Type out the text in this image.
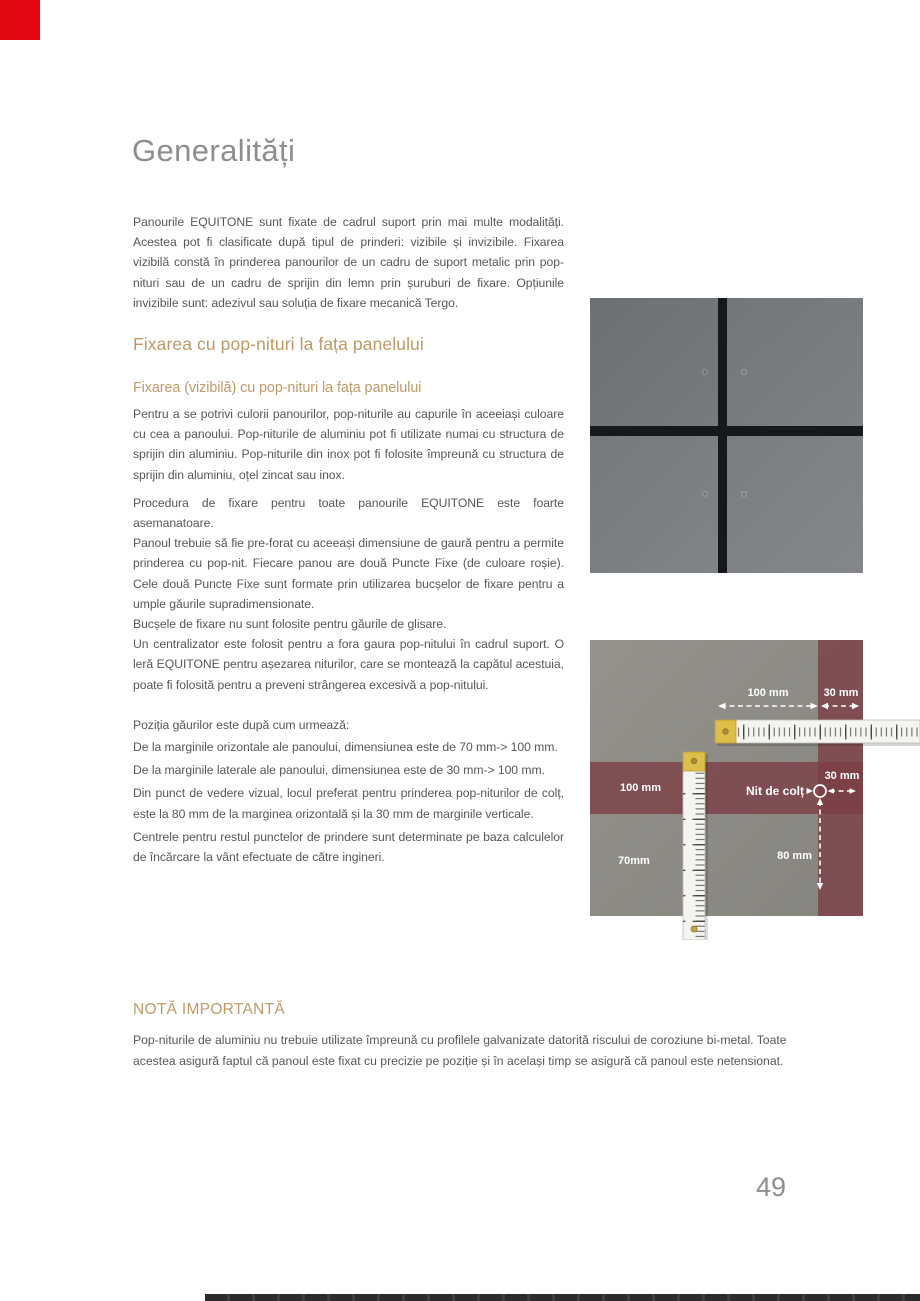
Generalități

Panourile EQUITONE sunt fixate de cadrul suport prin mai multe modalități. Acestea pot fi clasificate după tipul de prinderi: vizibile și invizibile. Fixarea vizibilă constă în prinderea panourilor de un cadru de suport metalic prin pop-nituri sau de un cadru de sprijin din lemn prin șuruburi de fixare. Opțiunile invizibile sunt: adezivul sau soluția de fixare mecanică Tergo.

Fixarea cu pop-nituri la fața panelului
Fixarea (vizibilă) cu pop-nituri la fața panelului

Pentru a se potrivi culorii panourilor, pop-niturile au capurile în aceeiași culoare cu cea a panoului. Pop-niturile de aluminiu pot fi utilizate numai cu structura de sprijin din aluminiu. Pop-niturile din inox pot fi folosite împreună cu structura de sprijin din aluminiu, oțel zincat sau inox.

Procedura de fixare pentru toate panourile EQUITONE este foarte asemanatoare.

Panoul trebuie să fie pre-forat cu aceeași dimensiune de gaură pentru a permite prinderea cu pop-nit. Fiecare panou are două Puncte Fixe (de culoare roșie). Cele două Puncte Fixe sunt formate prin utilizarea bucșelor de fixare pentru a umple găurile supradimensionate.

Bucșele de fixare nu sunt folosite pentru găurile de glisare.

Un centralizator este folosit pentru a fora gaura pop-nitului în cadrul suport. O leră EQUITONE pentru așezarea niturilor, care se montează la capătul acestuia, poate fi folosită pentru a preveni strângerea excesivă a pop-nitului.

Poziția găurilor este după cum urmează:

De la marginile orizontale ale panoului, dimensiunea este de 70 mm-> 100 mm.

De la marginile laterale ale panoului, dimensiunea este de 30 mm-> 100 mm.

Din punct de vedere vizual, locul preferat pentru prinderea pop-niturilor de colț, este la 80 mm de la marginea orizontală și la 30 mm de marginile verticale.

Centrele pentru restul punctelor de prindere sunt determinate pe baza calculelor de încărcare la vânt efectuate de către ingineri.

100 mm	30 mm
100 mm
70mm
Nit de colț
30 mm
80 mm
NOTĂ IMPORTANTĂ

Pop-niturile de aluminiu nu trebuie utilizate împreună cu profilele galvanizate datorită riscului de coroziune bi-metal. Toate acestea asigură faptul că panoul este fixat cu precizie pe poziție și în același timp se asigură că panoul este netensionat.

49
